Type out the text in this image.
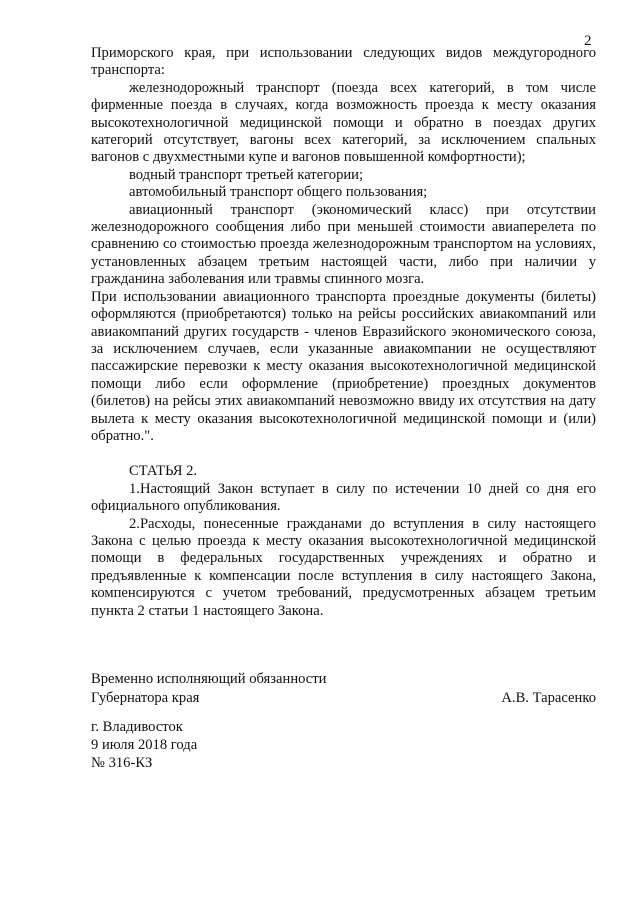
2

Приморского края, при использовании следующих видов междугородного транспорта:

железнодорожный транспорт (поезда всех категорий, в том числе фирменные поезда в случаях, когда возможность проезда к месту оказания высокотехнологичной медицинской помощи и обратно в поездах других категорий отсутствует, вагоны всех категорий, за исключением спальных вагонов с двухместными купе и вагонов повышенной комфортности);

водный транспорт третьей категории;

автомобильный транспорт общего пользования;

авиационный транспорт (экономический класс) при отсутствии железнодорожного сообщения либо при меньшей стоимости авиаперелета по сравнению со стоимостью проезда железнодорожным транспортом на условиях, установленных абзацем третьим настоящей части, либо при наличии у гражданина заболевания или травмы спинного мозга.

При использовании авиационного транспорта проездные документы (билеты) оформляются (приобретаются) только на рейсы российских авиакомпаний или авиакомпаний других государств - членов Евразийского экономического союза, за исключением случаев, если указанные авиакомпании не осуществляют пассажирские перевозки к месту оказания высокотехнологичной медицинской помощи либо если оформление (приобретение) проездных документов (билетов) на рейсы этих авиакомпаний невозможно ввиду их отсутствия на дату вылета к месту оказания высокотехнологичной медицинской помощи и (или) обратно.".

СТАТЬЯ 2.

1.Настоящий Закон вступает в силу по истечении 10 дней со дня его официального опубликования.

2.Расходы, понесенные гражданами до вступления в силу настоящего Закона с целью проезда к месту оказания высокотехнологичной медицинской помощи в федеральных государственных учреждениях и обратно и предъявленные к компенсации после вступления в силу настоящего Закона, компенсируются с учетом требований, предусмотренных абзацем третьим пункта 2 статьи 1 настоящего Закона.

Временно исполняющий обязанности
Губернатора края	А.В. Тарасенко
г. Владивосток
9 июля 2018 года
№ 316-КЗ
